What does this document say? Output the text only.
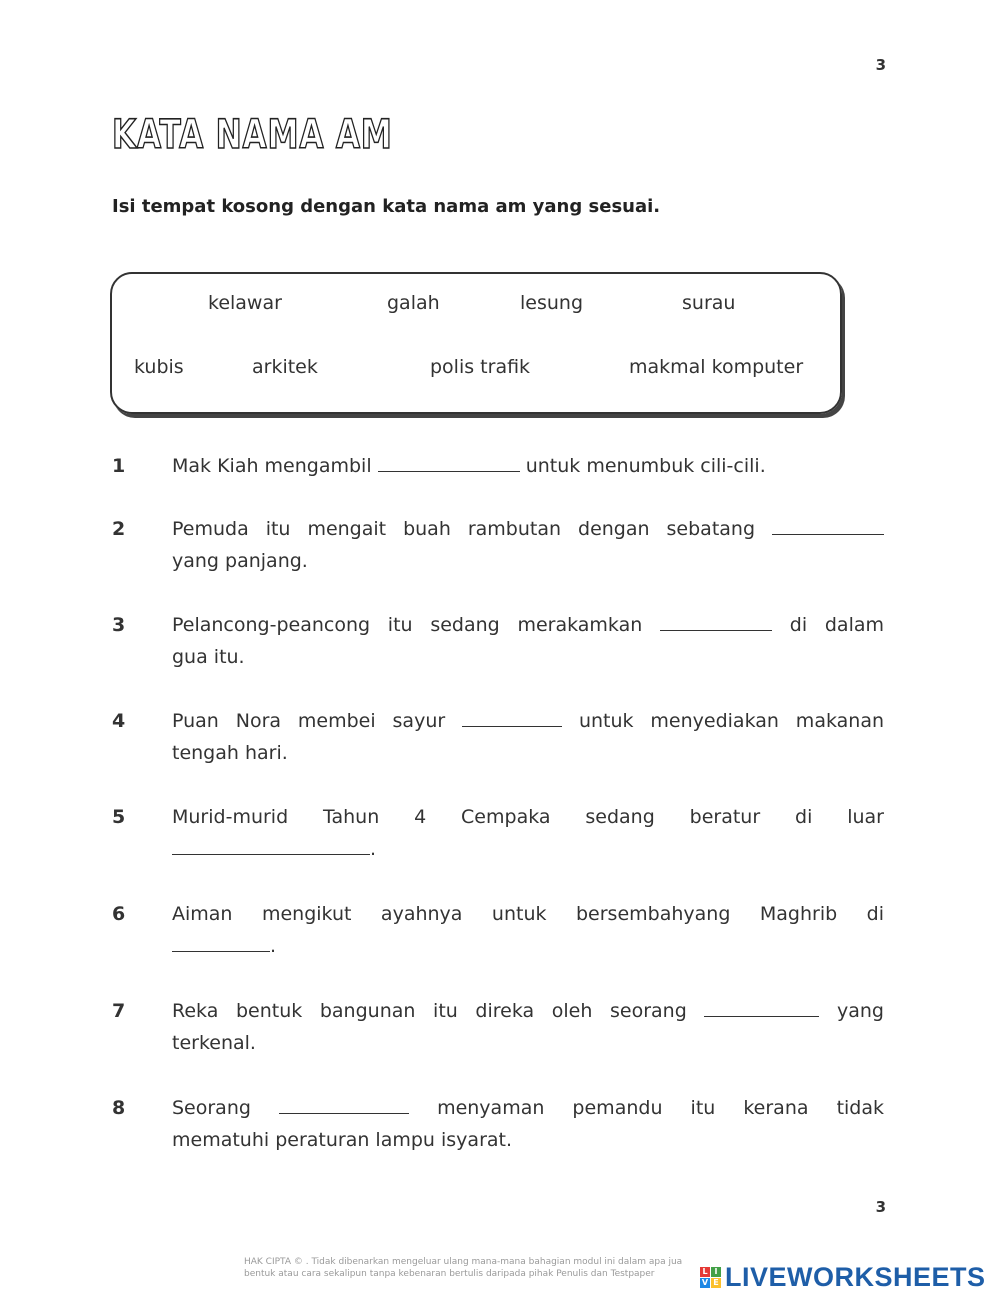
3
KATA NAMA AM
Isi tempat kosong dengan kata nama am yang sesuai.
kelawar	galah	lesung	surau
kubis	arkitek	polis trafik	makmal komputer
1	Mak Kiah mengambil	untuk menumbuk cili-cili.
2	Pemuda itu mengait buah rambutan dengan sebatang
yang panjang.
3	Pelancong-peancong itu sedang merakamkan	di dalam
gua itu.
4	Puan Nora membei sayur	untuk menyediakan makanan
tengah hari.
5	Murid-murid Tahun 4 Cempaka sedang beratur di luar
.
6	Aiman mengikut ayahnya untuk bersembahyang Maghrib di
.
7	Reka bentuk bangunan itu direka oleh seorang	yang
terkenal.
8	Seorang	menyaman pemandu itu kerana tidak
mematuhi peraturan lampu isyarat.
3
HAK CIPTA © . Tidak dibenarkan mengeluar ulang mana-mana bahagian modul ini dalam apa jua
bentuk atau cara sekalipun tanpa kebenaran bertulis daripada pihak Penulis dan Testpaper	L I
V E LIVEWORKSHEETS
